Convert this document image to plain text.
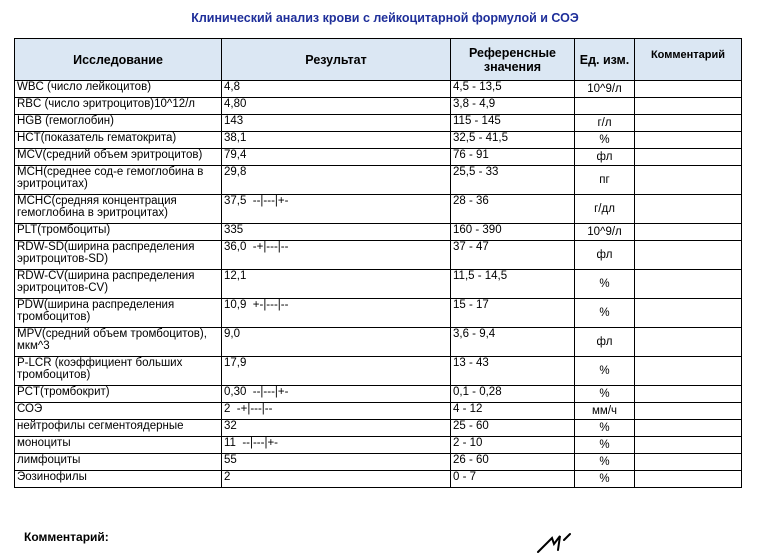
Клинический анализ крови с лейкоцитарной формулой и СОЭ
Исследование	Результат	Референсные значения	Ед. изм.	Комментарий
WBC (число лейкоцитов)	4,8	4,5 - 13,5	10^9/л	
RBC (число эритроцитов)10^12/л	4,80	3,8 - 4,9		
HGB (гемоглобин)	143	115 - 145	г/л	
HCT(показатель гематокрита)	38,1	32,5 - 41,5	%	
MCV(средний объем эритроцитов)	79,4	76 - 91	фл	
MCH(среднее сод-е гемоглобина в эритроцитах)	29,8	25,5 - 33	пг	
MCHC(средняя концентрация гемоглобина в эритроцитах)	37,5  --|---|+-	28 - 36	г/дл	
PLT(тромбоциты)	335	160 - 390	10^9/л	
RDW-SD(ширина распределения эритроцитов-SD)	36,0  -+|---|--	37 - 47	фл	
RDW-CV(ширина распределения эритроцитов-CV)	12,1	11,5 - 14,5	%	
PDW(ширина распределения тромбоцитов)	10,9  +-|---|--	15 - 17	%	
MPV(средний объем тромбоцитов), мкм^3	9,0	3,6 - 9,4	фл	
P-LCR (коэффициент больших тромбоцитов)	17,9	13 - 43	%	
PCT(тромбокрит)	0,30  --|---|+-	0,1 - 0,28	%	
СОЭ	2  -+|---|--	4 - 12	мм/ч	
нейтрофилы сегментоядерные	32	25 - 60	%	
моноциты	11  --|---|+-	2 - 10	%	
лимфоциты	55	26 - 60	%	
Эозинофилы	2	0 - 7	%	
Комментарий:
